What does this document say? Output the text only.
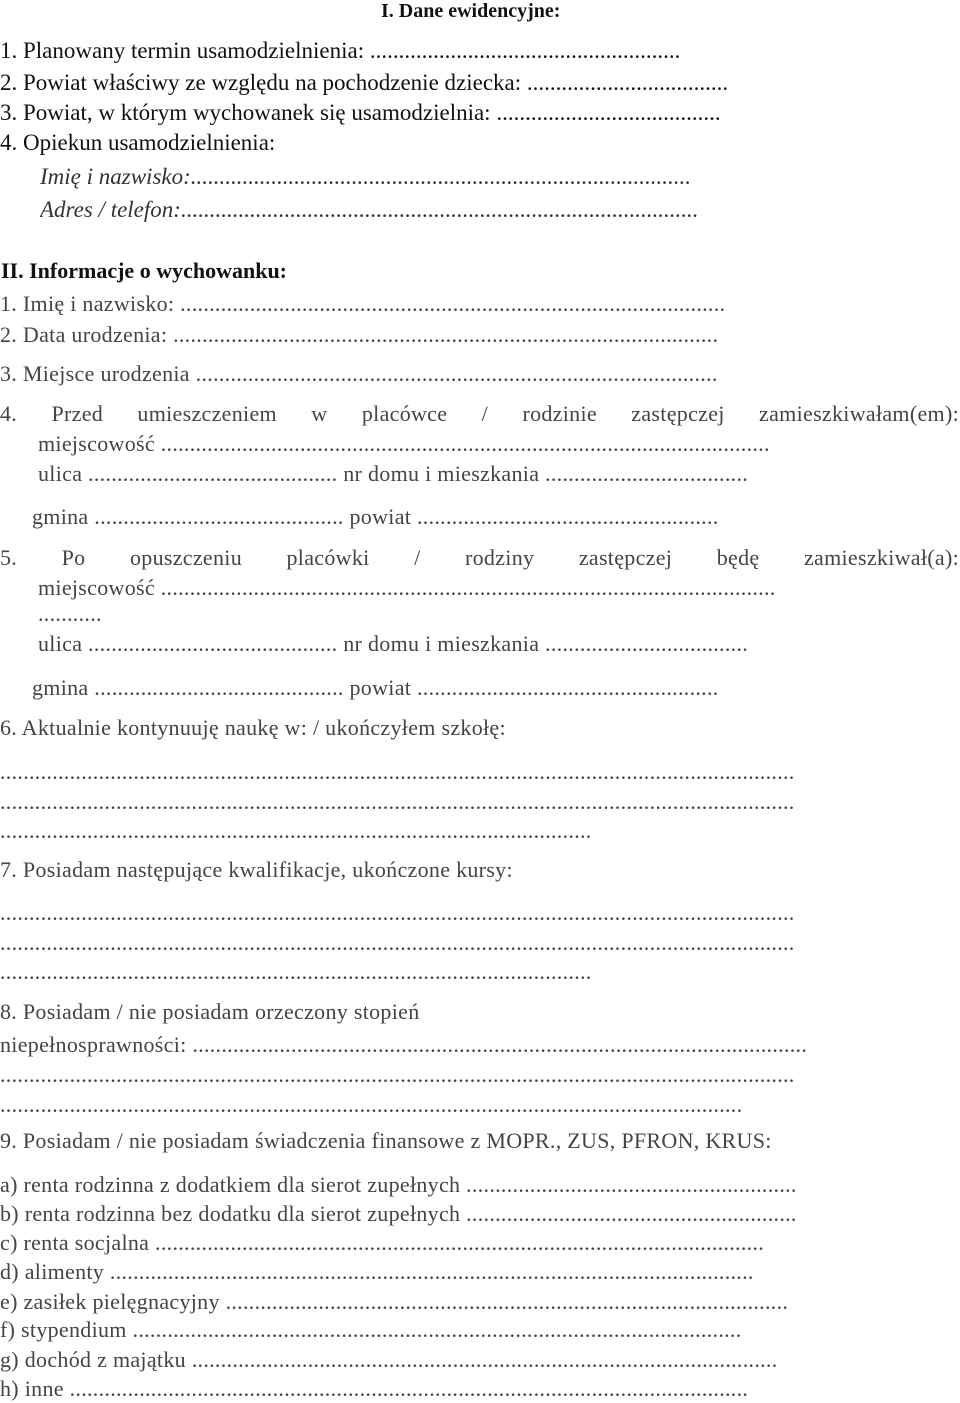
I. Dane ewidencyjne:
1. Planowany termin usamodzielnienia: ......................................................
2. Powiat właściwy ze względu na pochodzenie dziecka: ...................................
3. Powiat, w którym wychowanek się usamodzielnia: .......................................
4. Opiekun usamodzielnienia:
Imię i nazwisko:.......................................................................................
Adres / telefon:..........................................................................................
II. Informacje o wychowanku:
1. Imię i nazwisko: ..............................................................................................
2. Data urodzenia: ..............................................................................................
3. Miejsce urodzenia ..........................................................................................
4. Przed umieszczeniem w placówce / rodzinie zastępczej zamieszkiwałam(em):
miejscowość .........................................................................................................
ulica ........................................... nr domu i mieszkania ...................................
gmina ........................................... powiat ....................................................
5. Po opuszczeniu placówki / rodziny zastępczej będę zamieszkiwał(a):
miejscowość ..........................................................................................................
...........
ulica ........................................... nr domu i mieszkania ...................................
gmina ........................................... powiat ....................................................
6. Aktualnie kontynuuję naukę w: / ukończyłem szkołę:
.........................................................................................................................................
.........................................................................................................................................
......................................................................................................
7. Posiadam następujące kwalifikacje, ukończone kursy:
.........................................................................................................................................
.........................................................................................................................................
......................................................................................................
8. Posiadam / nie posiadam orzeczony stopień
niepełnosprawności: ..........................................................................................................
.........................................................................................................................................
................................................................................................................................
9. Posiadam / nie posiadam świadczenia finansowe z MOPR., ZUS, PFRON, KRUS:
a) renta rodzinna z dodatkiem dla sierot zupełnych .........................................................
b) renta rodzinna bez dodatku dla sierot zupełnych .........................................................
c) renta socjalna .........................................................................................................
d) alimenty ...............................................................................................................
e) zasiłek pielęgnacyjny .................................................................................................
f) stypendium .........................................................................................................
g) dochód z majątku .....................................................................................................
h) inne .....................................................................................................................
